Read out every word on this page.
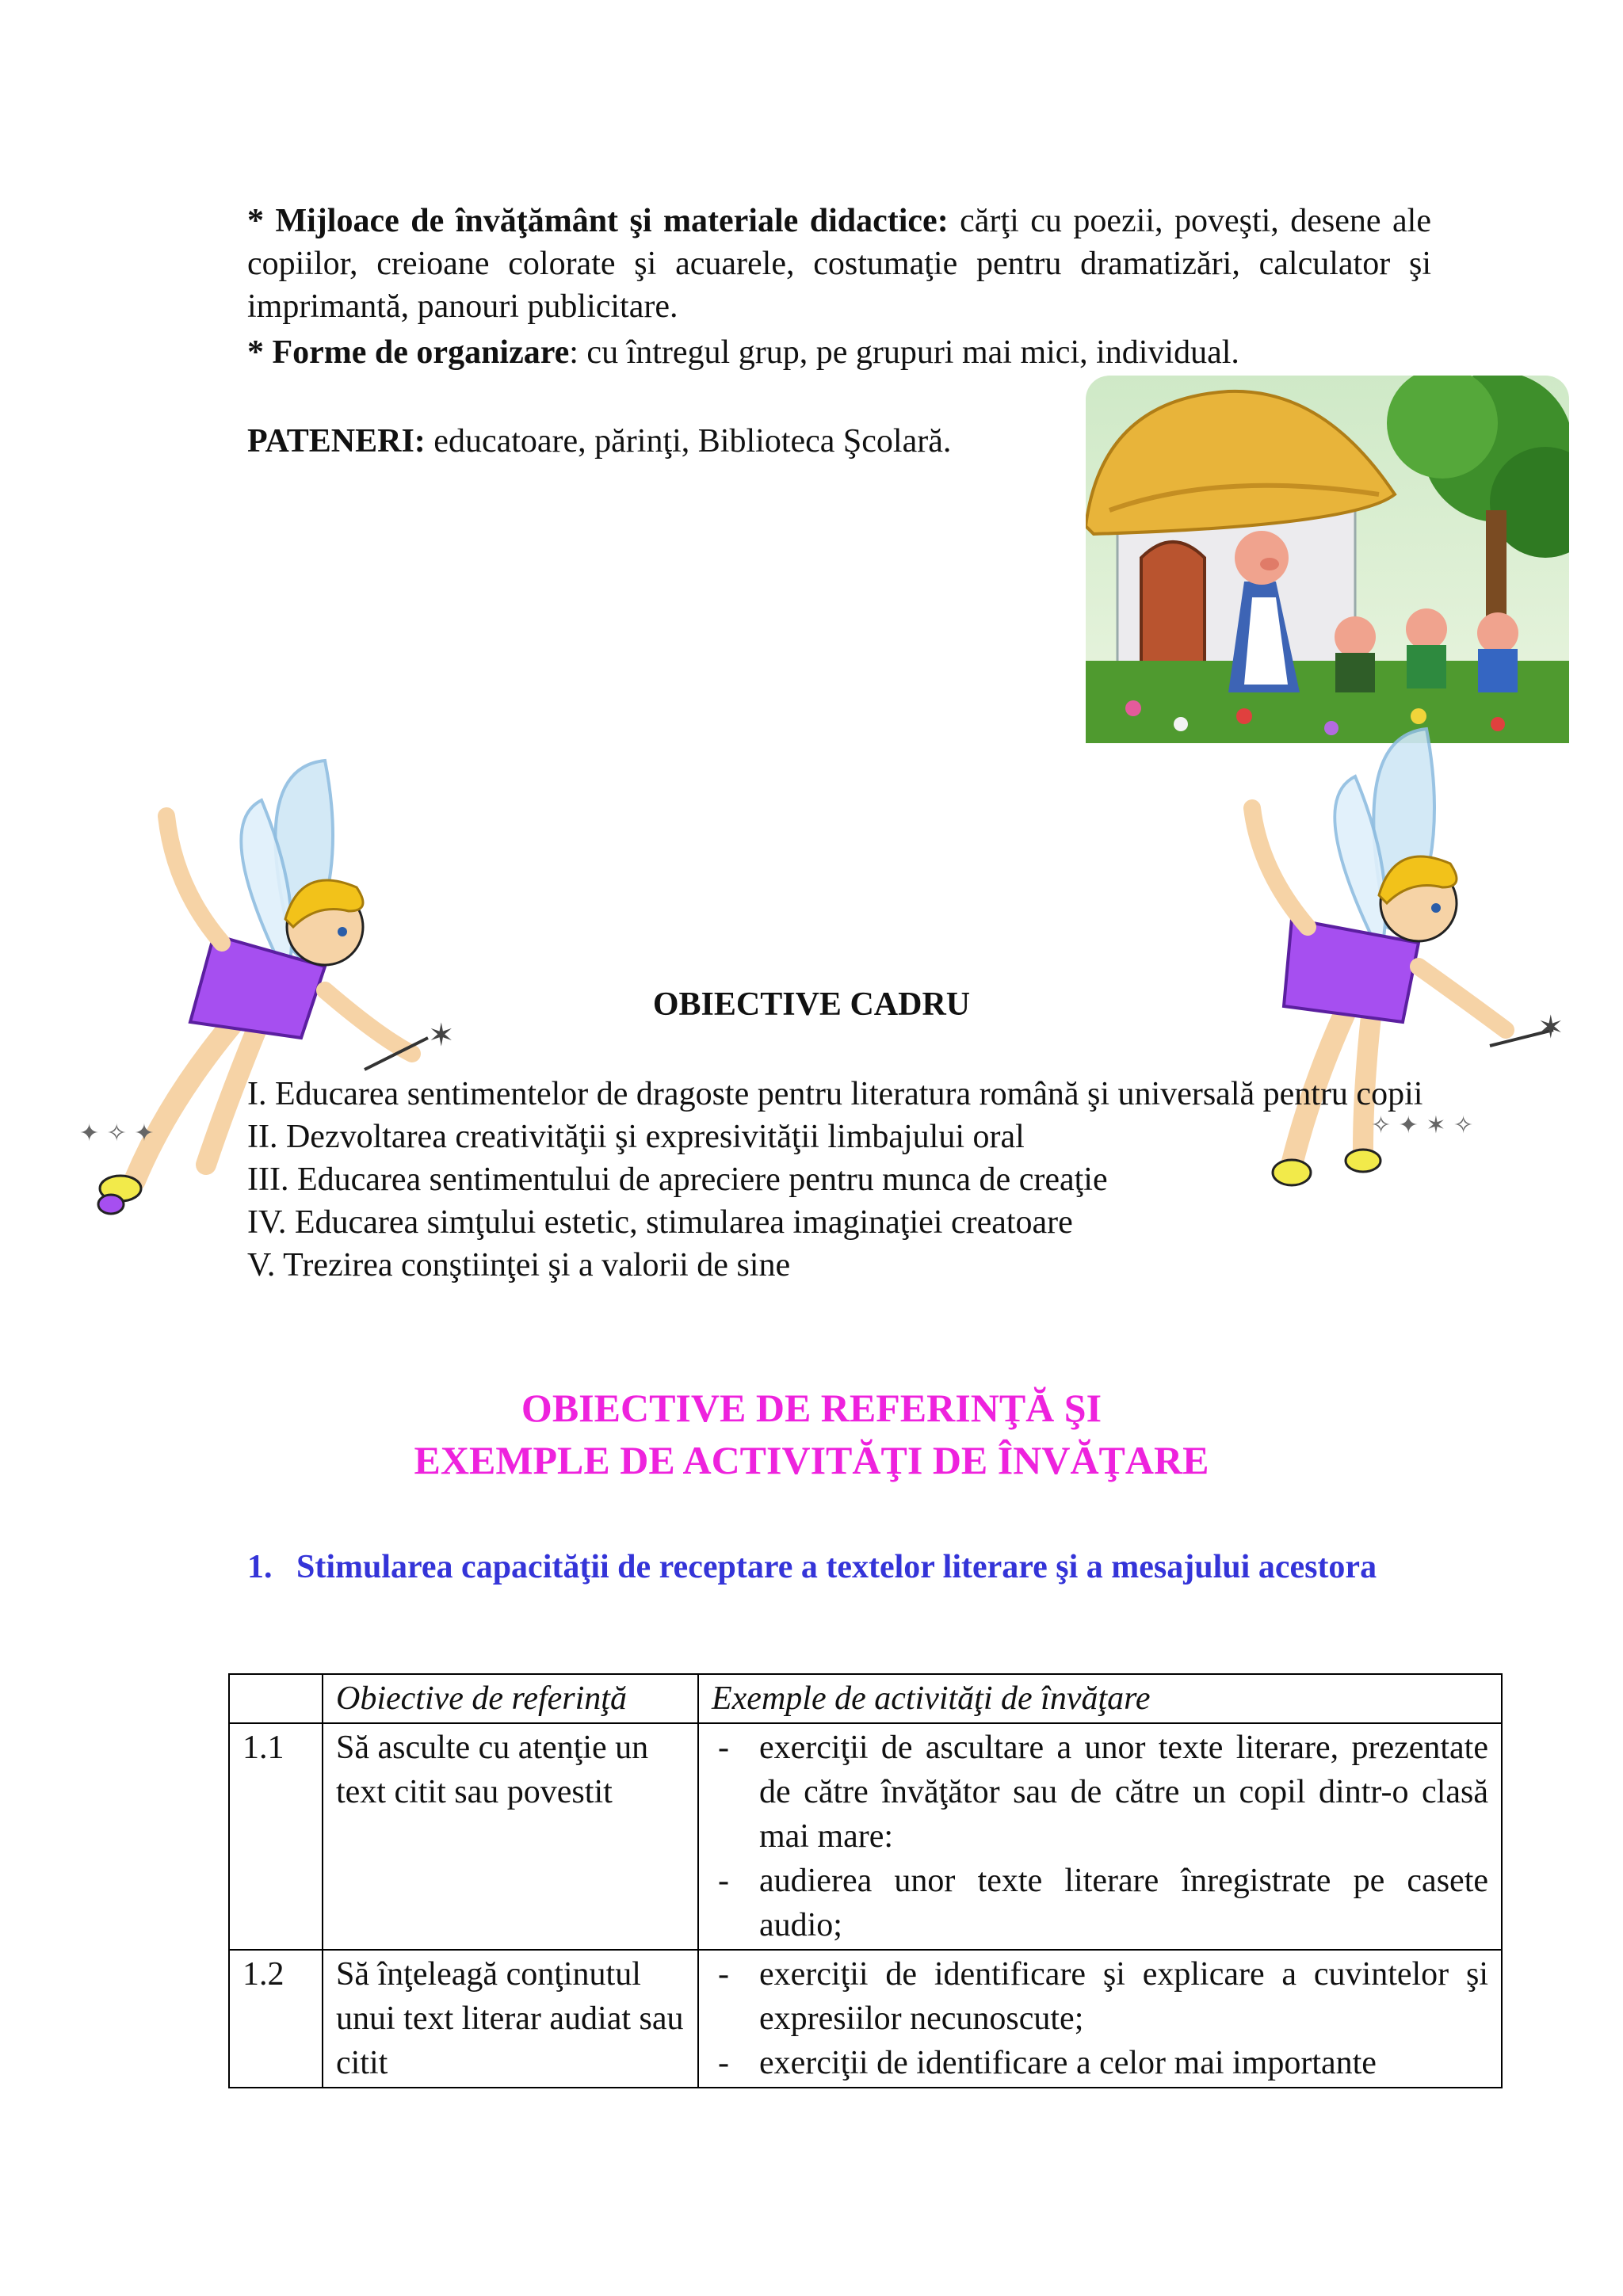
* Mijloace de învăţământ şi materiale didactice: cărţi cu poezii, poveşti, desene ale copiilor, creioane colorate şi acuarele, costumaţie pentru dramatizări, calculator şi imprimantă, panouri publicitare.
* Forme de organizare: cu întregul grup, pe grupuri mai mici, individual.
PATENERI: educatoare, părinţi, Biblioteca Şcolară.
✶
✦ ✧ ✦
✶
✧ ✦ ✶ ✧
OBIECTIVE CADRU
I. Educarea sentimentelor de dragoste pentru literatura română şi universală pentru copii
II. Dezvoltarea creativităţii şi expresivităţii limbajului oral
III. Educarea sentimentului de apreciere pentru munca de creaţie
IV. Educarea simţului estetic, stimularea imaginaţiei creatoare
V. Trezirea conştiinţei şi a valorii de sine
OBIECTIVE DE REFERINŢĂ ŞI
EXEMPLE DE ACTIVITĂŢI DE ÎNVĂŢARE
1. Stimularea capacităţii de receptare a textelor literare şi a mesajului acestora
	Obiective de referinţă	Exemple de activităţi de învăţare
1.1	Să asculte cu atenţie un text citit sau povestit	- exerciţii de ascultare a unor texte literare, prezentate de către învăţător sau de către un copil dintr-o clasă mai mare:
- audierea unor texte literare înregistrate pe casete audio;

1.2	Să înţeleagă conţinutul unui text literar audiat sau citit	- exerciţii de identificare şi explicare a cuvintelor şi expresiilor necunoscute;
- exerciţii de identificare a celor mai importante
